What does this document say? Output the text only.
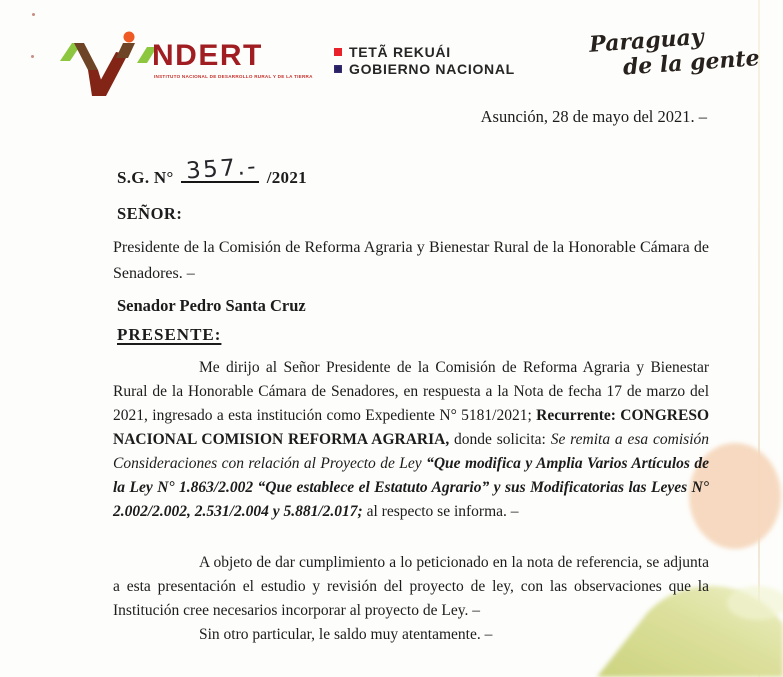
NDERT
INSTITUTO NACIONAL DE DESARROLLO RURAL Y DE LA TIERRA
TETÃ REKUÁI
GOBIERNO NACIONAL
Paraguay
de la gente
Asunción, 28 de mayo del 2021. –
S.G. N° 357.- /2021
SEÑOR:

Presidente de la Comisión de Reforma Agraria y Bienestar Rural de la Honorable Cámara de Senadores. –

Senador Pedro Santa Cruz
PRESENTE:

Me dirijo al Señor Presidente de la Comisión de Reforma Agraria y Bienestar Rural de la Honorable Cámara de Senadores, en respuesta a la Nota de fecha 17 de marzo del 2021, ingresado a esta institución como Expediente N° 5181/2021; Recurrente: CONGRESO NACIONAL COMISION REFORMA AGRARIA, donde solicita: Se remita a esa comisión Consideraciones con relación al Proyecto de Ley “Que modifica y Amplia Varios Artículos de la Ley N° 1.863/2.002 “Que establece el Estatuto Agrario” y sus Modificatorias las Leyes N° 2.002/2.002, 2.531/2.004 y 5.881/2.017; al respecto se informa. –

A objeto de dar cumplimiento a lo peticionado en la nota de referencia, se adjunta a esta presentación el estudio y revisión del proyecto de ley, con las observaciones que la Institución cree necesarios incorporar al proyecto de Ley. –

Sin otro particular, le saldo muy atentamente. –
